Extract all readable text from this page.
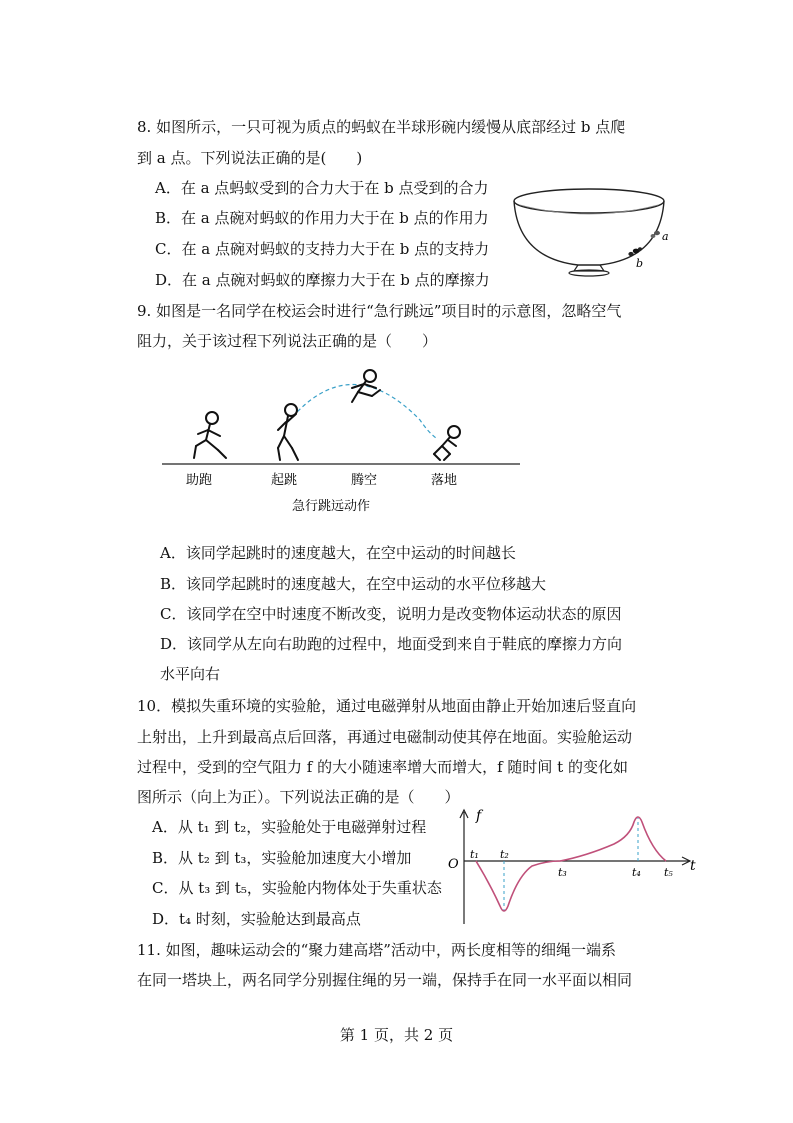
8. 如图所示，一只可视为质点的蚂蚁在半球形碗内缓慢从底部经过 b 点爬
到 a 点。下列说法正确的是(　　)
A．在 a 点蚂蚁受到的合力大于在 b 点受到的合力
B．在 a 点碗对蚂蚁的作用力大于在 b 点的作用力
C．在 a 点碗对蚂蚁的支持力大于在 b 点的支持力
D．在 a 点碗对蚂蚁的摩擦力大于在 b 点的摩擦力
a
b
9. 如图是一名同学在校运会时进行“急行跳远”项目时的示意图，忽略空气
阻力，关于该过程下列说法正确的是（　　）
助跑	起跳	腾空	落地
急行跳远动作
A．该同学起跳时的速度越大，在空中运动的时间越长
B．该同学起跳时的速度越大，在空中运动的水平位移越大
C．该同学在空中时速度不断改变，说明力是改变物体运动状态的原因
D．该同学从左向右助跑的过程中，地面受到来自于鞋底的摩擦力方向
水平向右
10．模拟失重环境的实验舱，通过电磁弹射从地面由静止开始加速后竖直向
上射出，上升到最高点后回落，再通过电磁制动使其停在地面。实验舱运动
过程中，受到的空气阻力 f 的大小随速率增大而增大，f 随时间 t 的变化如
图所示（向上为正）。下列说法正确的是（　　）
A．从 t₁ 到 t₂，实验舱处于电磁弹射过程
B．从 t₂ 到 t₃，实验舱加速度大小增加
C．从 t₃ 到 t₅，实验舱内物体处于失重状态
D．t₄ 时刻，实验舱达到最高点
f
t
O
t₁ t₂
t₃	t₄ t₅
11. 如图，趣味运动会的“聚力建高塔”活动中，两长度相等的细绳一端系
在同一塔块上，两名同学分别握住绳的另一端，保持手在同一水平面以相同
第 1 页，共 2 页
